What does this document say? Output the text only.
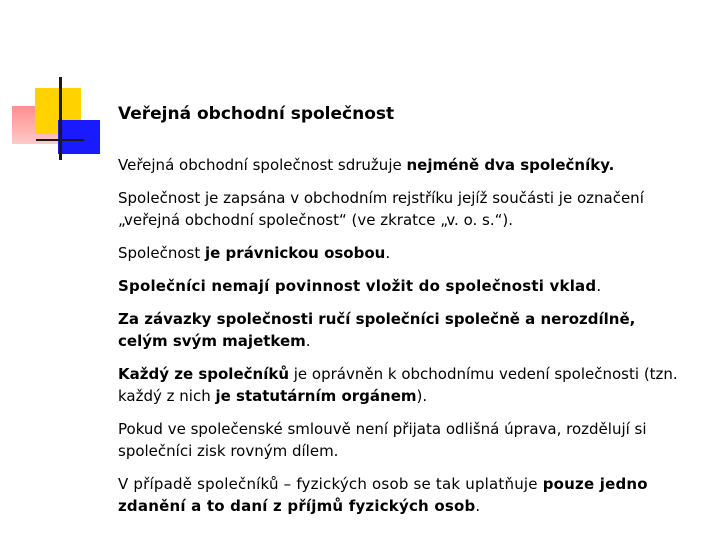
Veřejná obchodní společnost

Veřejná obchodní společnost sdružuje nejméně dva společníky.

Společnost je zapsána v obchodním rejstříku jejíž součásti je označení „veřejná obchodní společnost“ (ve zkratce „v. o. s.“).

Společnost je právnickou osobou.

Společníci nemají povinnost vložit do společnosti vklad.

Za závazky společnosti ručí společníci společně a nerozdílně, celým svým majetkem.

Každý ze společníků je oprávněn k obchodnímu vedení společnosti (tzn. každý z nich je statutárním orgánem).

Pokud ve společenské smlouvě není přijata odlišná úprava, rozdělují si společníci zisk rovným dílem.

V případě společníků – fyzických osob se tak uplatňuje pouze jedno zdanění a to daní z příjmů fyzických osob.
